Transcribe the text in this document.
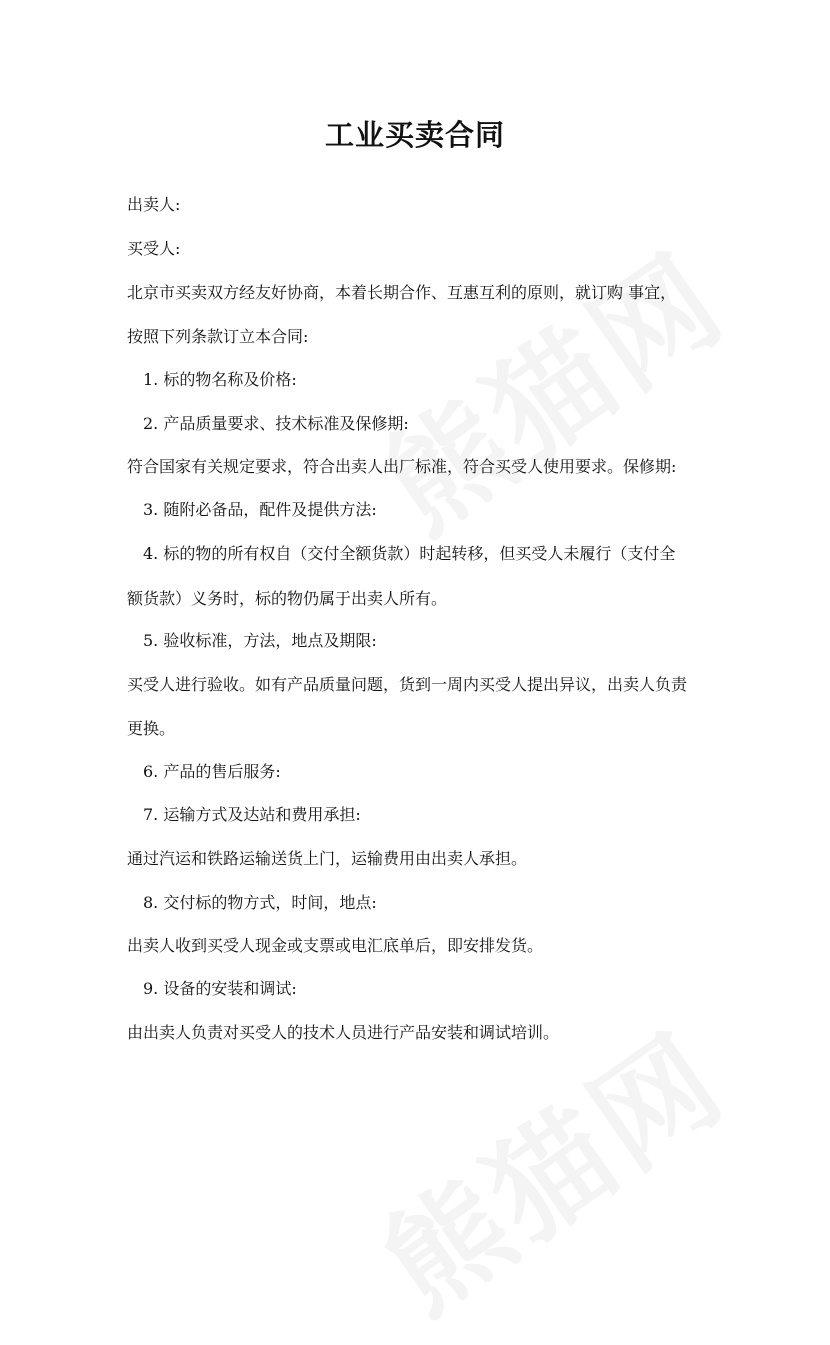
工业买卖合同

出卖人:

买受人:

北京市买卖双方经友好协商，本着长期合作、互惠互利的原则，就订购 事宜，

按照下列条款订立本合同:

1. 标的物名称及价格:

2. 产品质量要求、技术标准及保修期:

符合国家有关规定要求，符合出卖人出厂标准，符合买受人使用要求。保修期:

3. 随附必备品，配件及提供方法:

4. 标的物的所有权自（交付全额货款）时起转移，但买受人未履行（支付全

额货款）义务时，标的物仍属于出卖人所有。

5. 验收标准，方法，地点及期限:

买受人进行验收。如有产品质量问题，货到一周内买受人提出异议，出卖人负责

更换。

6. 产品的售后服务:

7. 运输方式及达站和费用承担:

通过汽运和铁路运输送货上门，运输费用由出卖人承担。

8. 交付标的物方式，时间，地点:

出卖人收到买受人现金或支票或电汇底单后，即安排发货。

9. 设备的安装和调试:

由出卖人负责对买受人的技术人员进行产品安装和调试培训。
